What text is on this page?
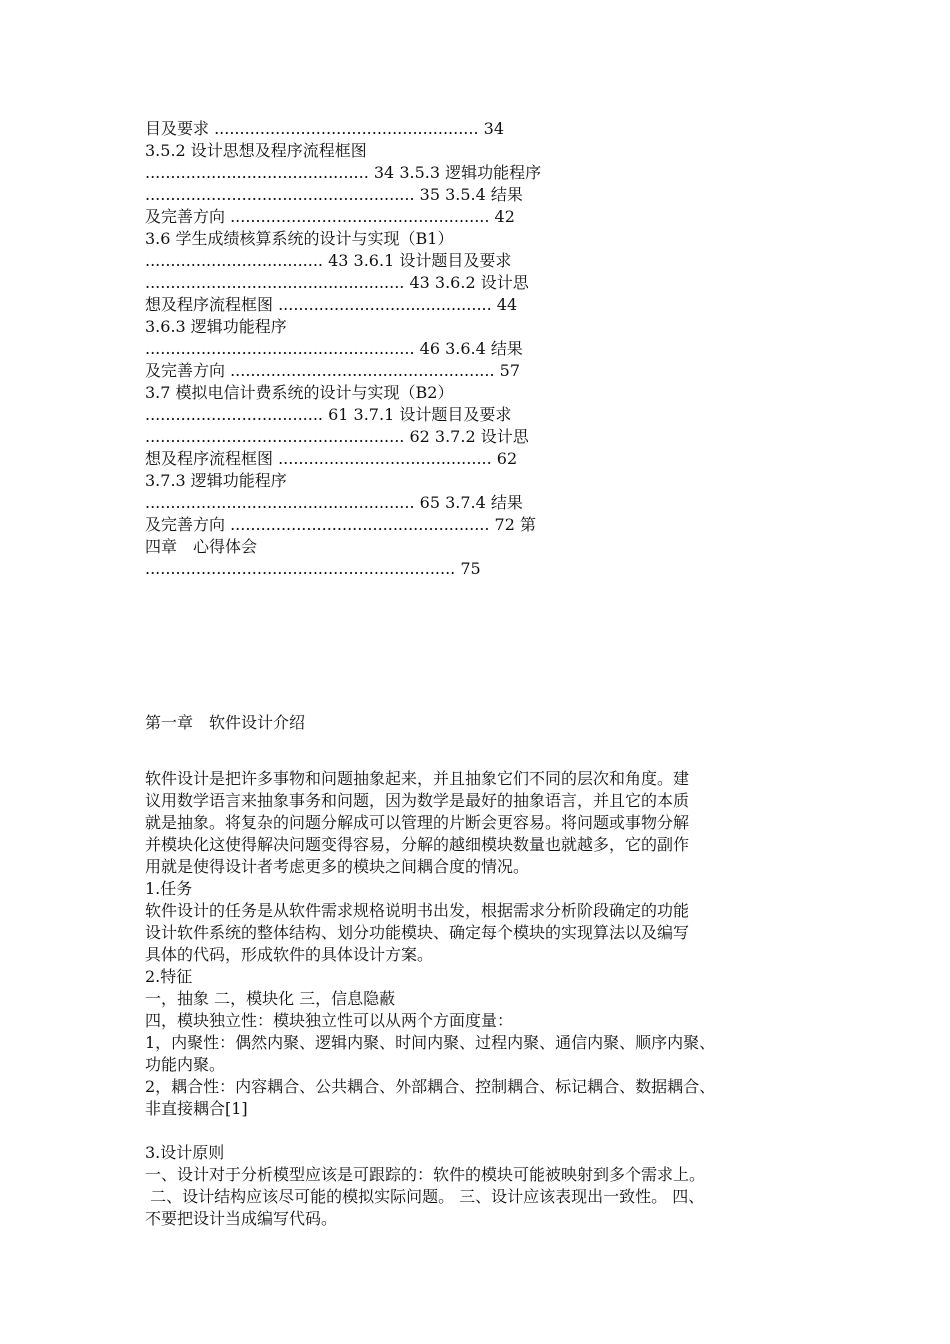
目及要求 .................................................... 34
3.5.2 设计思想及程序流程框图
............................................ 34 3.5.3 逻辑功能程序
..................................................... 35 3.5.4 结果
及完善方向 ................................................... 42
3.6 学生成绩核算系统的设计与实现（B1）
................................... 43 3.6.1 设计题目及要求
................................................... 43 3.6.2 设计思
想及程序流程框图 .......................................... 44
3.6.3 逻辑功能程序
..................................................... 46 3.6.4 结果
及完善方向 .................................................... 57
3.7 模拟电信计费系统的设计与实现（B2）
................................... 61 3.7.1 设计题目及要求
................................................... 62 3.7.2 设计思
想及程序流程框图 .......................................... 62
3.7.3 逻辑功能程序
..................................................... 65 3.7.4 结果
及完善方向 ................................................... 72 第
四章　心得体会
............................................................. 75
第一章　软件设计介绍
软件设计是把许多事物和问题抽象起来，并且抽象它们不同的层次和角度。建
议用数学语言来抽象事务和问题，因为数学是最好的抽象语言，并且它的本质
就是抽象。将复杂的问题分解成可以管理的片断会更容易。将问题或事物分解
并模块化这使得解决问题变得容易，分解的越细模块数量也就越多，它的副作
用就是使得设计者考虑更多的模块之间耦合度的情况。
1.任务
软件设计的任务是从软件需求规格说明书出发，根据需求分析阶段确定的功能
设计软件系统的整体结构、划分功能模块、确定每个模块的实现算法以及编写
具体的代码，形成软件的具体设计方案。
2.特征
一，抽象 二，模块化 三，信息隐蔽
四，模块独立性：模块独立性可以从两个方面度量：
1，内聚性：偶然内聚、逻辑内聚、时间内聚、过程内聚、通信内聚、顺序内聚、
功能内聚。
2，耦合性：内容耦合、公共耦合、外部耦合、控制耦合、标记耦合、数据耦合、
非直接耦合[1]
3.设计原则
一、设计对于分析模型应该是可跟踪的：软件的模块可能被映射到多个需求上。
二、设计结构应该尽可能的模拟实际问题。 三、设计应该表现出一致性。 四、
不要把设计当成编写代码。
